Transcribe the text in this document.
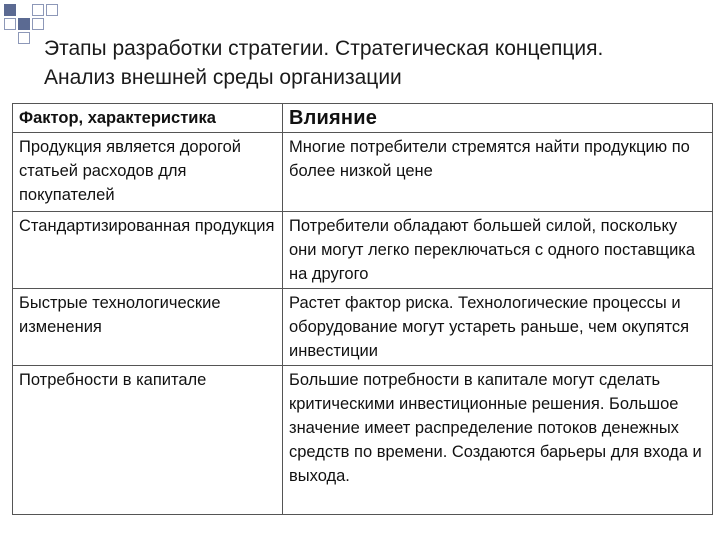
Этапы разработки стратегии. Стратегическая концепция.
Анализ внешней среды организации
Фактор, характеристика	Влияние
Продукция является дорогой статьей расходов для покупателей	Многие потребители стремятся найти продукцию по более низкой цене
Стандартизированная продукция	Потребители обладают большей силой, поскольку они могут легко переключаться с одного поставщика на другого
Быстрые технологические изменения	Растет фактор риска. Технологические процессы и оборудование могут устареть раньше, чем окупятся инвестиции
Потребности в капитале	Большие потребности в капитале могут сделать критическими инвестиционные решения. Большое значение имеет распределение потоков денежных средств по времени. Создаются барьеры для входа и выхода.
